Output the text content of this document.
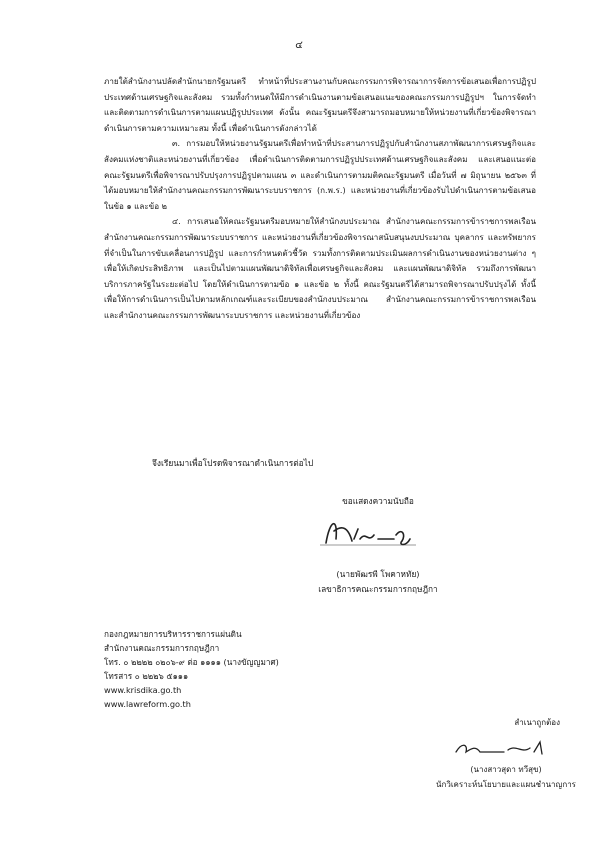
๔

ภายใต้สำนักงานปลัดสำนักนายกรัฐมนตรี ทำหน้าที่ประสานงานกับคณะกรรมการพิจารณาการจัดการข้อเสนอเพื่อการปฏิรูปประเทศด้านเศรษฐกิจและสังคม รวมทั้งกำหนดให้มีการดำเนินงานตามข้อเสนอแนะของคณะกรรมการปฏิรูปฯ ในการจัดทำและติดตามการดำเนินการตามแผนปฏิรูปประเทศ ดังนั้น คณะรัฐมนตรีจึงสามารถมอบหมายให้หน่วยงานที่เกี่ยวข้องพิจารณาดำเนินการตามความเหมาะสม ทั้งนี้ เพื่อดำเนินการดังกล่าวได้

๓. การมอบให้หน่วยงานรัฐมนตรีเพื่อทำหน้าที่ประสานการปฏิรูปกับสำนักงานสภาพัฒนาการเศรษฐกิจและสังคมแห่งชาติและหน่วยงานที่เกี่ยวข้อง เพื่อดำเนินการติดตามการปฏิรูปประเทศด้านเศรษฐกิจและสังคม และเสนอแนะต่อคณะรัฐมนตรีเพื่อพิจารณาปรับปรุงการปฏิรูปตามแผน ๓ และดำเนินการตามมติคณะรัฐมนตรี เมื่อวันที่ ๗ มิถุนายน ๒๕๖๓ ที่ได้มอบหมายให้สำนักงานคณะกรรมการพัฒนาระบบราชการ (ก.พ.ร.) และหน่วยงานที่เกี่ยวข้องรับไปดำเนินการตามข้อเสนอในข้อ ๑ และข้อ ๒

๔. การเสนอให้คณะรัฐมนตรีมอบหมายให้สำนักงบประมาณ สำนักงานคณะกรรมการข้าราชการพลเรือน สำนักงานคณะกรรมการพัฒนาระบบราชการ และหน่วยงานที่เกี่ยวข้องพิจารณาสนับสนุนงบประมาณ บุคลากร และทรัพยากรที่จำเป็นในการขับเคลื่อนการปฏิรูป และการกำหนดตัวชี้วัด รวมทั้งการติดตามประเมินผลการดำเนินงานของหน่วยงานต่าง ๆ เพื่อให้เกิดประสิทธิภาพ และเป็นไปตามแผนพัฒนาดิจิทัลเพื่อเศรษฐกิจและสังคม และแผนพัฒนาดิจิทัล รวมถึงการพัฒนาบริการภาครัฐในระยะต่อไป โดยให้ดำเนินการตามข้อ ๑ และข้อ ๒ ทั้งนี้ คณะรัฐมนตรีได้สามารถพิจารณาปรับปรุงได้ ทั้งนี้ เพื่อให้การดำเนินการเป็นไปตามหลักเกณฑ์และระเบียบของสำนักงบประมาณ สำนักงานคณะกรรมการข้าราชการพลเรือน และสำนักงานคณะกรรมการพัฒนาระบบราชการ และหน่วยงานที่เกี่ยวข้อง

จึงเรียนมาเพื่อโปรดพิจารณาดำเนินการต่อไป
ขอแสดงความนับถือ
(นายพัฒรพี โพคาหทัย)
เลขาธิการคณะกรรมการกฤษฎีกา
กองกฎหมายการบริหารราชการแผ่นดิน
สำนักงานคณะกรรมการกฤษฎีกา
โทร. ๐ ๒๒๒๒ ๐๒๐๖-๙ ต่อ ๑๑๑๑ (นางขัญญมาศ)
โทรสาร ๐ ๒๒๒๖ ๕๑๑๑
www.krisdika.go.th
www.lawreform.go.th
สำเนาถูกต้อง
(นางสาวสุดา ทวีสุข)
นักวิเคราะห์นโยบายและแผนชำนาญการ
